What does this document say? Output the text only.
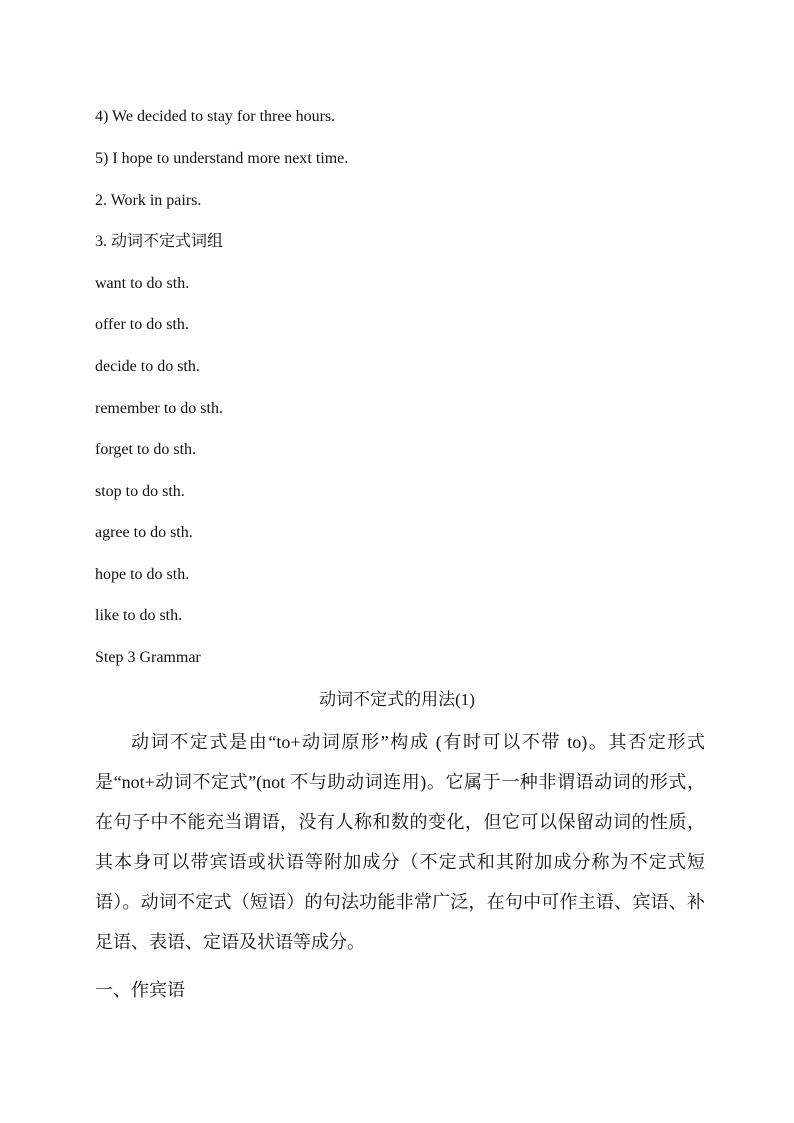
4) We decided to stay for three hours.
5) I hope to understand more next time.
2. Work in pairs.
3. 动词不定式词组
want to do sth.
offer to do sth.
decide to do sth.
remember to do sth.
forget to do sth.
stop to do sth.
agree to do sth.
hope to do sth.
like to do sth.
Step 3 Grammar
动词不定式的用法(1)
动词不定式是由“to+动词原形”构成 (有时可以不带 to)。其否定形式是“not+动词不定式”(not 不与助动词连用)。它属于一种非谓语动词的形式，在句子中不能充当谓语，没有人称和数的变化，但它可以保留动词的性质，其本身可以带宾语或状语等附加成分（不定式和其附加成分称为不定式短语）。动词不定式（短语）的句法功能非常广泛，在句中可作主语、宾语、补足语、表语、定语及状语等成分。
一、作宾语
